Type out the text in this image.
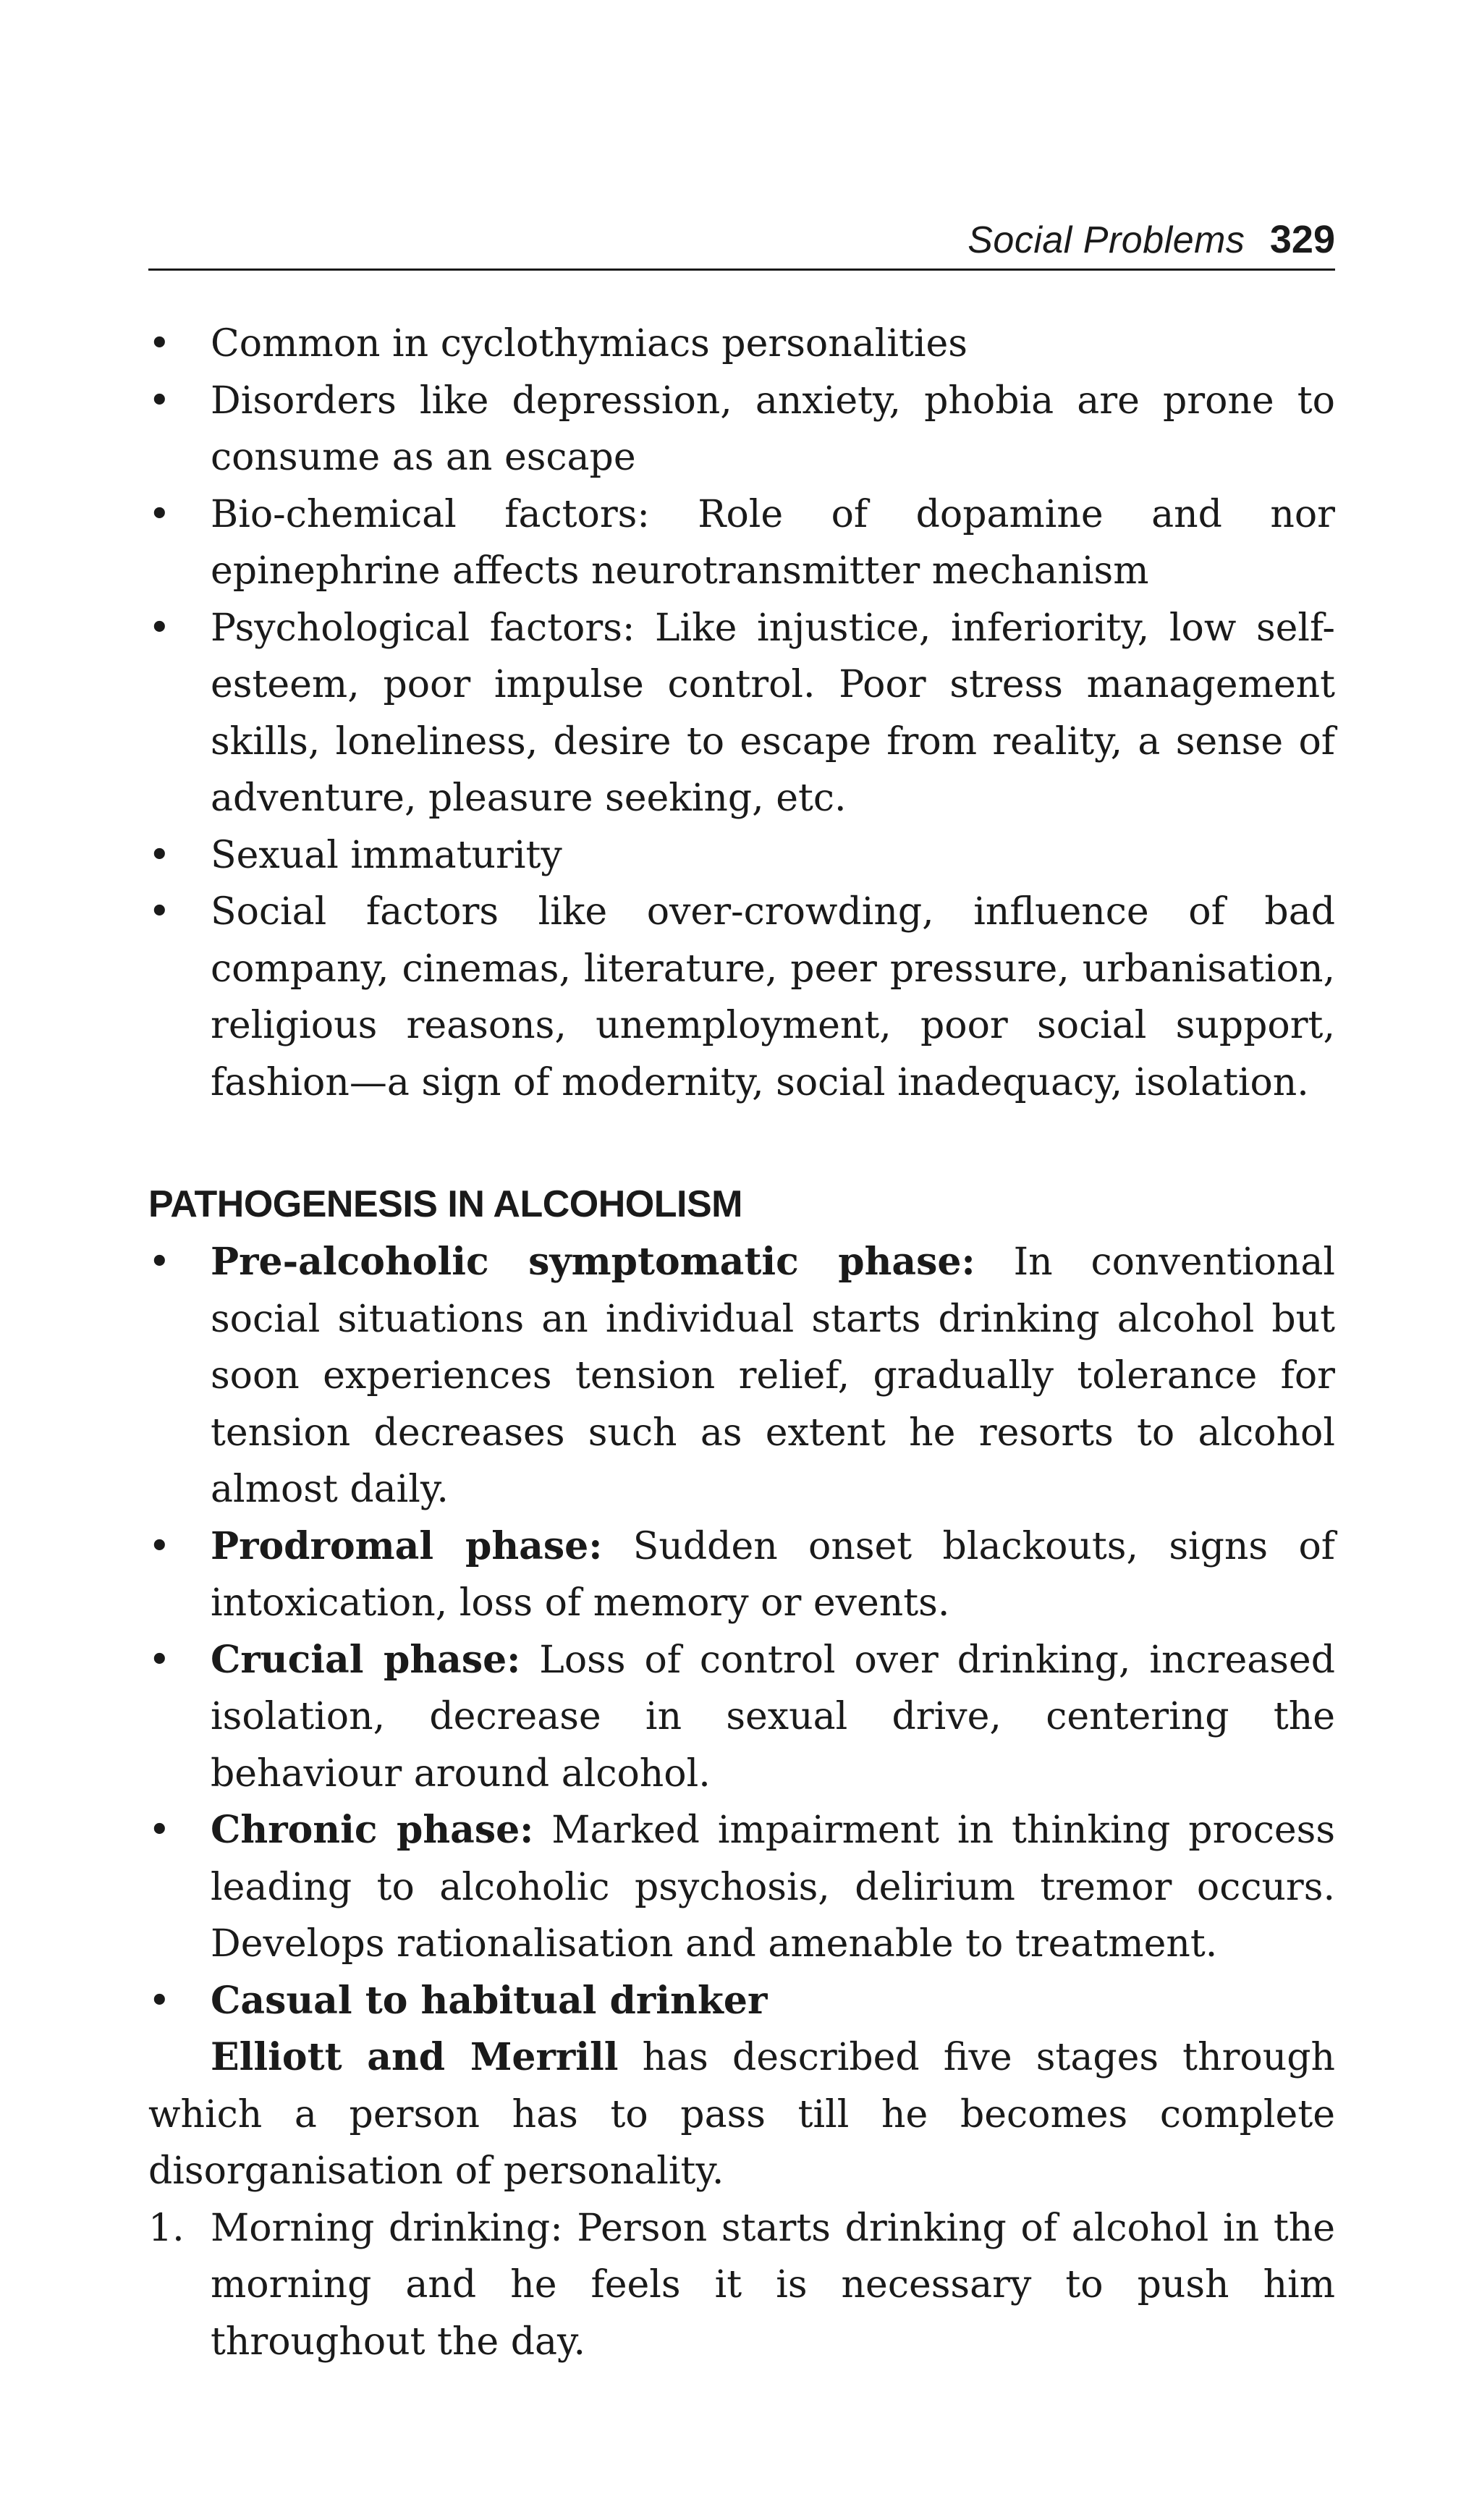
Social Problems 329
•	Common in cyclothymiacs personalities
•	Disorders like depression, anxiety, phobia are prone to consume as an escape
•	Bio-chemical factors: Role of dopamine and nor epinephrine affects neurotransmitter mechanism
•	Psychological factors: Like injustice, inferiority, low self-esteem, poor impulse control. Poor stress management skills, loneliness, desire to escape from reality, a sense of adventure, pleasure seeking, etc.
•	Sexual immaturity
•	Social factors like over-crowding, influence of bad company, cinemas, literature, peer pressure, urbanisation, religious reasons, unemployment, poor social support, fashion—a sign of modernity, social inadequacy, isolation.
PATHOGENESIS IN ALCOHOLISM
•	Pre-alcoholic symptomatic phase: In conventional social situations an individual starts drinking alcohol but soon experiences tension relief, gradually tolerance for tension decreases such as extent he resorts to alcohol almost daily.
•	Prodromal phase: Sudden onset blackouts, signs of intoxication, loss of memory or events.
•	Crucial phase: Loss of control over drinking, increased isolation, decrease in sexual drive, centering the behaviour around alcohol.
•	Chronic phase: Marked impairment in thinking process leading to alcoholic psychosis, delirium tremor occurs. Develops rationalisation and amenable to treatment.
•	Casual to habitual drinker

Elliott and Merrill has described five stages through which a person has to pass till he becomes complete disorganisation of personality.

1. Morning drinking: Person starts drinking of alcohol in the morning and he feels it is necessary to push him throughout the day.
